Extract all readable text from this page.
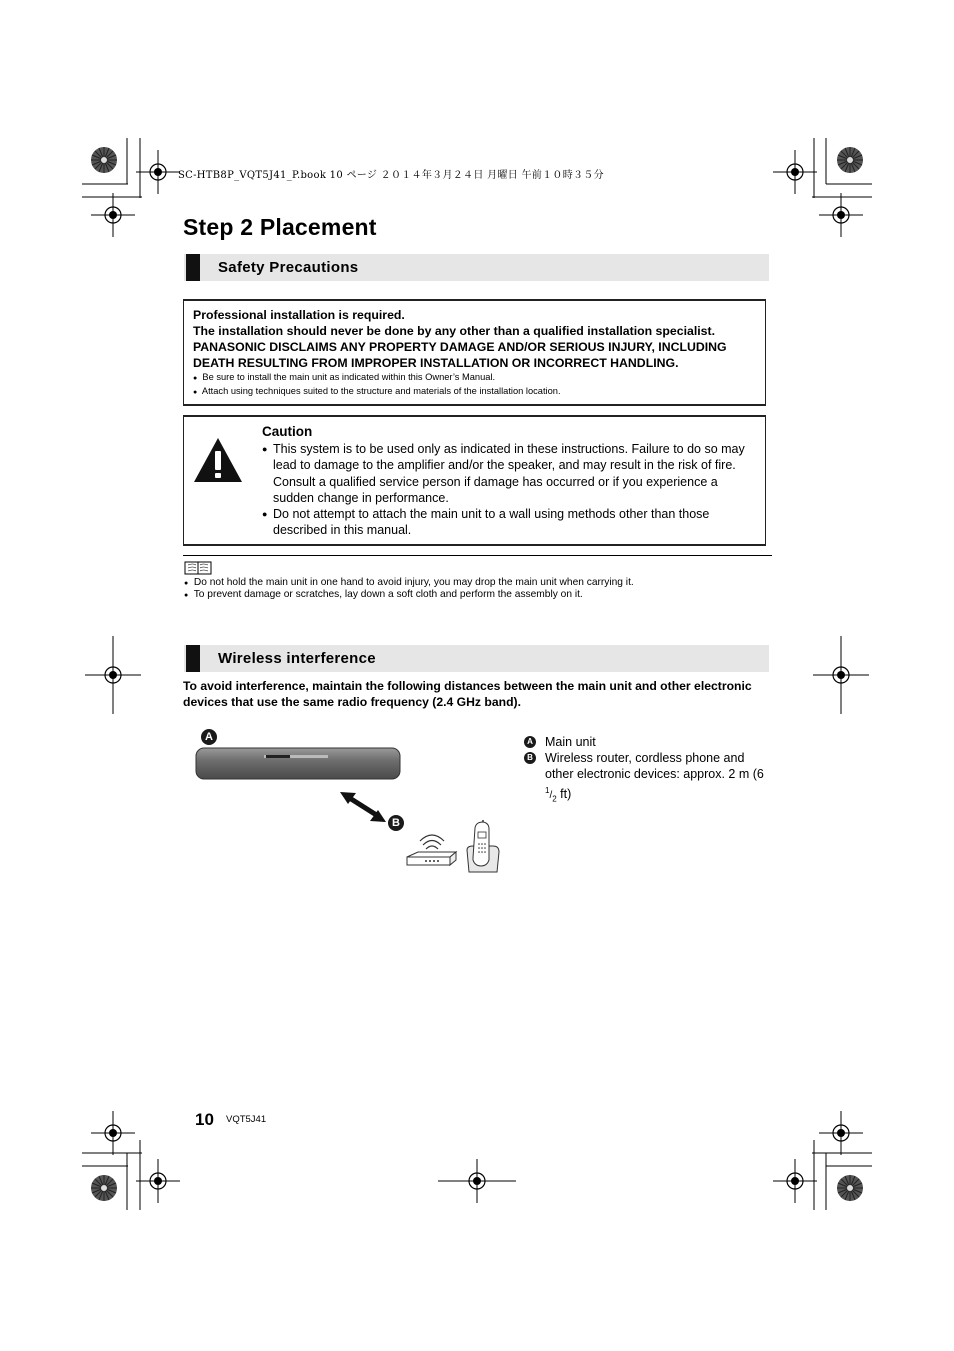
SC-HTB8P_VQT5J41_P.book 10 ページ ２０１４年３月２４日 月曜日 午前１０時３５分
Step 2 Placement
Safety Precautions
Professional installation is required.
The installation should never be done by any other than a qualified installation specialist.
PANASONIC DISCLAIMS ANY PROPERTY DAMAGE AND/OR SERIOUS INJURY, INCLUDING
DEATH RESULTING FROM IMPROPER INSTALLATION OR INCORRECT HANDLING.
● Be sure to install the main unit as indicated within this Owner’s Manual.
● Attach using techniques suited to the structure and materials of the installation location.
Caution
● This system is to be used only as indicated in these instructions. Failure to do so may lead to damage to the amplifier and/or the speaker, and may result in the risk of fire. Consult a qualified service person if damage has occurred or if you experience a sudden change in performance.
● Do not attempt to attach the main unit to a wall using methods other than those described in this manual.
● Do not hold the main unit in one hand to avoid injury, you may drop the main unit when carrying it.
● To prevent damage or scratches, lay down a soft cloth and perform the assembly on it.
Wireless interference
To avoid interference, maintain the following distances between the main unit and other electronic devices that use the same radio frequency (2.4 GHz band).
A
B
A Main unit
B Wireless router, cordless phone and other electronic devices: approx. 2 m (6 $^1/_2$ ft)
10 VQT5J41
